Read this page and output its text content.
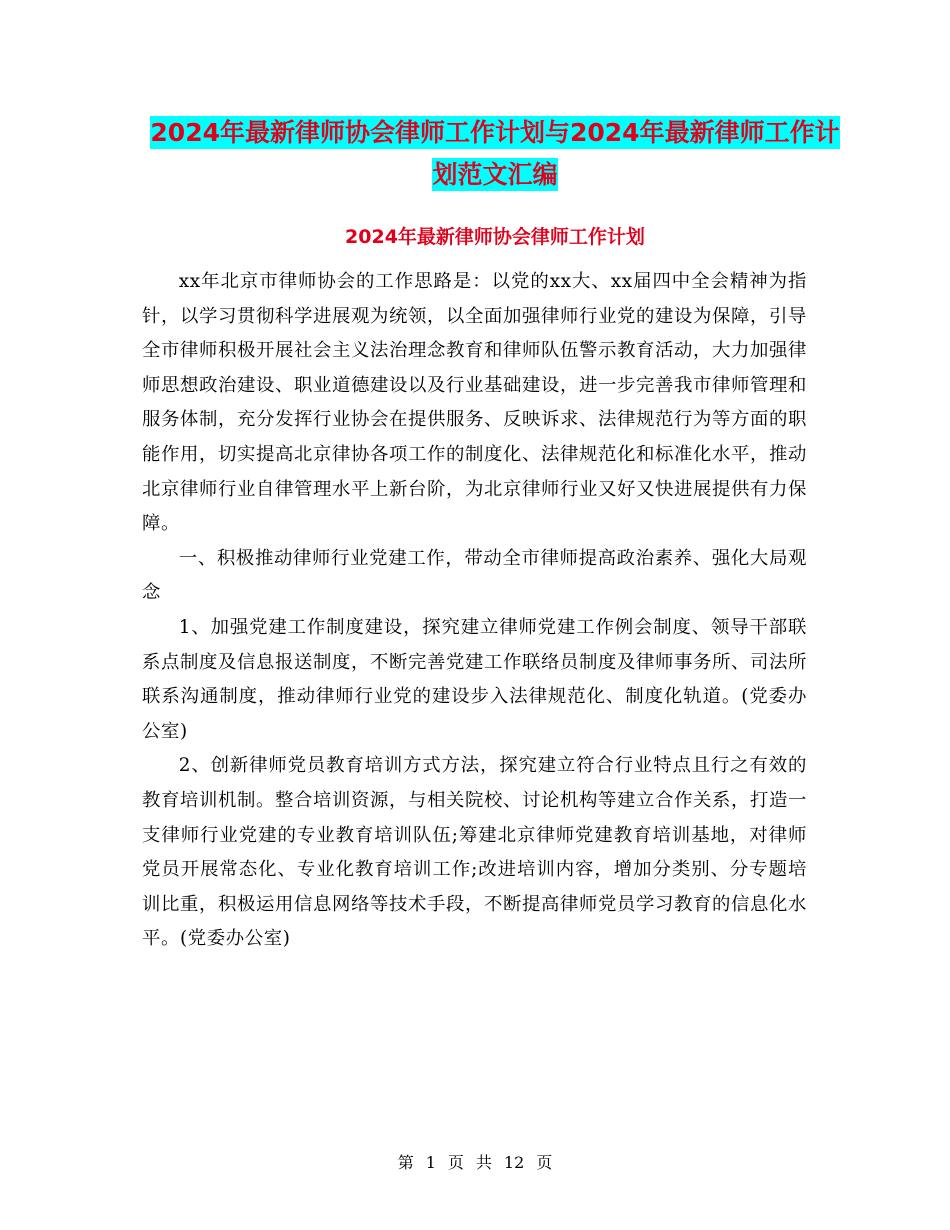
2024年最新律师协会律师工作计划与2024年最新律师工作计划范文汇编
2024年最新律师协会律师工作计划

xx年北京市律师协会的工作思路是：以党的xx大、xx届四中全会精神为指针，以学习贯彻科学进展观为统领，以全面加强律师行业党的建设为保障，引导全市律师积极开展社会主义法治理念教育和律师队伍警示教育活动，大力加强律师思想政治建设、职业道德建设以及行业基础建设，进一步完善我市律师管理和服务体制，充分发挥行业协会在提供服务、反映诉求、法律规范行为等方面的职能作用，切实提高北京律协各项工作的制度化、法律规范化和标准化水平，推动北京律师行业自律管理水平上新台阶，为北京律师行业又好又快进展提供有力保障。

一、积极推动律师行业党建工作，带动全市律师提高政治素养、强化大局观念

1、加强党建工作制度建设，探究建立律师党建工作例会制度、领导干部联系点制度及信息报送制度，不断完善党建工作联络员制度及律师事务所、司法所联系沟通制度，推动律师行业党的建设步入法律规范化、制度化轨道。(党委办公室)

2、创新律师党员教育培训方式方法，探究建立符合行业特点且行之有效的教育培训机制。整合培训资源，与相关院校、讨论机构等建立合作关系，打造一支律师行业党建的专业教育培训队伍;筹建北京律师党建教育培训基地，对律师党员开展常态化、专业化教育培训工作;改进培训内容，增加分类别、分专题培训比重，积极运用信息网络等技术手段，不断提高律师党员学习教育的信息化水平。(党委办公室)

第 1 页 共 12 页
